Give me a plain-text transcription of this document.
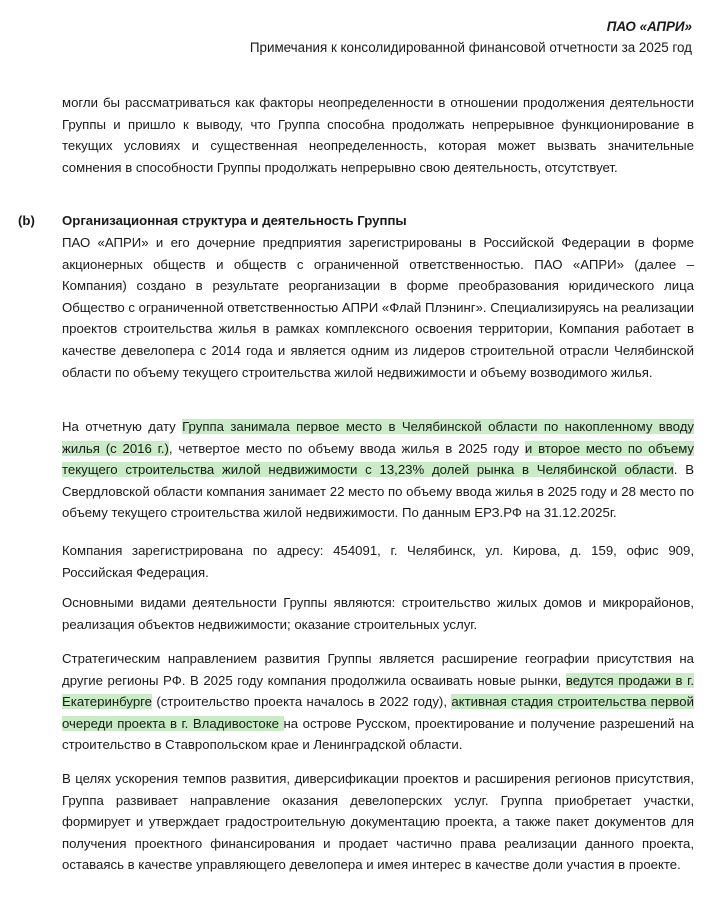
ПАО «АПРИ»
Примечания к консолидированной финансовой отчетности за 2025 год
могли бы рассматриваться как факторы неопределенности в отношении продолжения деятельности Группы и пришло к выводу, что Группа способна продолжать непрерывное функционирование в текущих условиях и существенная неопределенность, которая может вызвать значительные сомнения в способности Группы продолжать непрерывно свою деятельность, отсутствует.
(b) Организационная структура и деятельность Группы
ПАО «АПРИ» и его дочерние предприятия зарегистрированы в Российской Федерации в форме акционерных обществ и обществ с ограниченной ответственностью. ПАО «АПРИ» (далее – Компания) создано в результате реорганизации в форме преобразования юридического лица Общество с ограниченной ответственностью АПРИ «Флай Плэнинг». Специализируясь на реализации проектов строительства жилья в рамках комплексного освоения территории, Компания работает в качестве девелопера с 2014 года и является одним из лидеров строительной отрасли Челябинской области по объему текущего строительства жилой недвижимости и объему возводимого жилья.
На отчетную дату Группа занимала первое место в Челябинской области по накопленному вводу жилья (с 2016 г.), четвертое место по объему ввода жилья в 2025 году и второе место по объему текущего строительства жилой недвижимости с 13,23% долей рынка в Челябинской области. В Свердловской области компания занимает 22 место по объему ввода жилья в 2025 году и 28 место по объему текущего строительства жилой недвижимости. По данным ЕРЗ.РФ на 31.12.2025г.
Компания зарегистрирована по адресу: 454091, г. Челябинск, ул. Кирова, д. 159, офис 909, Российская Федерация.
Основными видами деятельности Группы являются: строительство жилых домов и микрорайонов, реализация объектов недвижимости; оказание строительных услуг.
Стратегическим направлением развития Группы является расширение географии присутствия на другие регионы РФ. В 2025 году компания продолжила осваивать новые рынки, ведутся продажи в г. Екатеринбурге (строительство проекта началось в 2022 году), активная стадия строительства первой очереди проекта в г. Владивостоке на острове Русском, проектирование и получение разрешений на строительство в Ставропольском крае и Ленинградской области.
В целях ускорения темпов развития, диверсификации проектов и расширения регионов присутствия, Группа развивает направление оказания девелоперских услуг. Группа приобретает участки, формирует и утверждает градостроительную документацию проекта, а также пакет документов для получения проектного финансирования и продает частично права реализации данного проекта, оставаясь в качестве управляющего девелопера и имея интерес в качестве доли участия в проекте.
